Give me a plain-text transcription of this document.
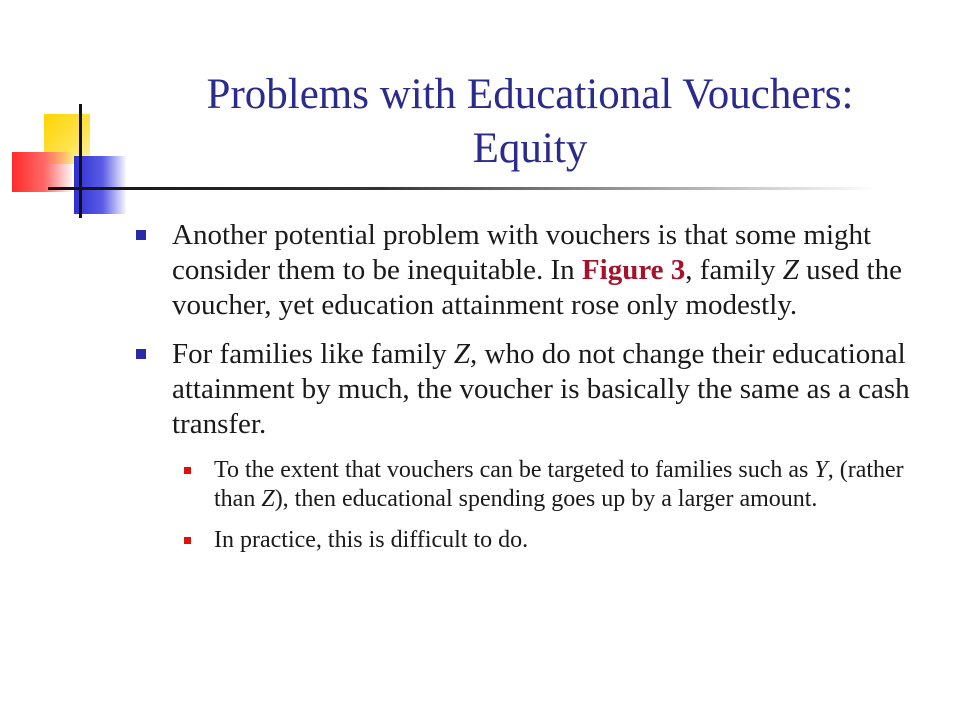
Problems with Educational Vouchers:
Equity

Another potential problem with vouchers is that some might consider them to be inequitable. In Figure 3, family Z used the voucher, yet education attainment rose only modestly.

For families like family Z, who do not change their educational attainment by much, the voucher is basically the same as a cash transfer.

To the extent that vouchers can be targeted to families such as Y, (rather than Z), then educational spending goes up by a larger amount.

In practice, this is difficult to do.
